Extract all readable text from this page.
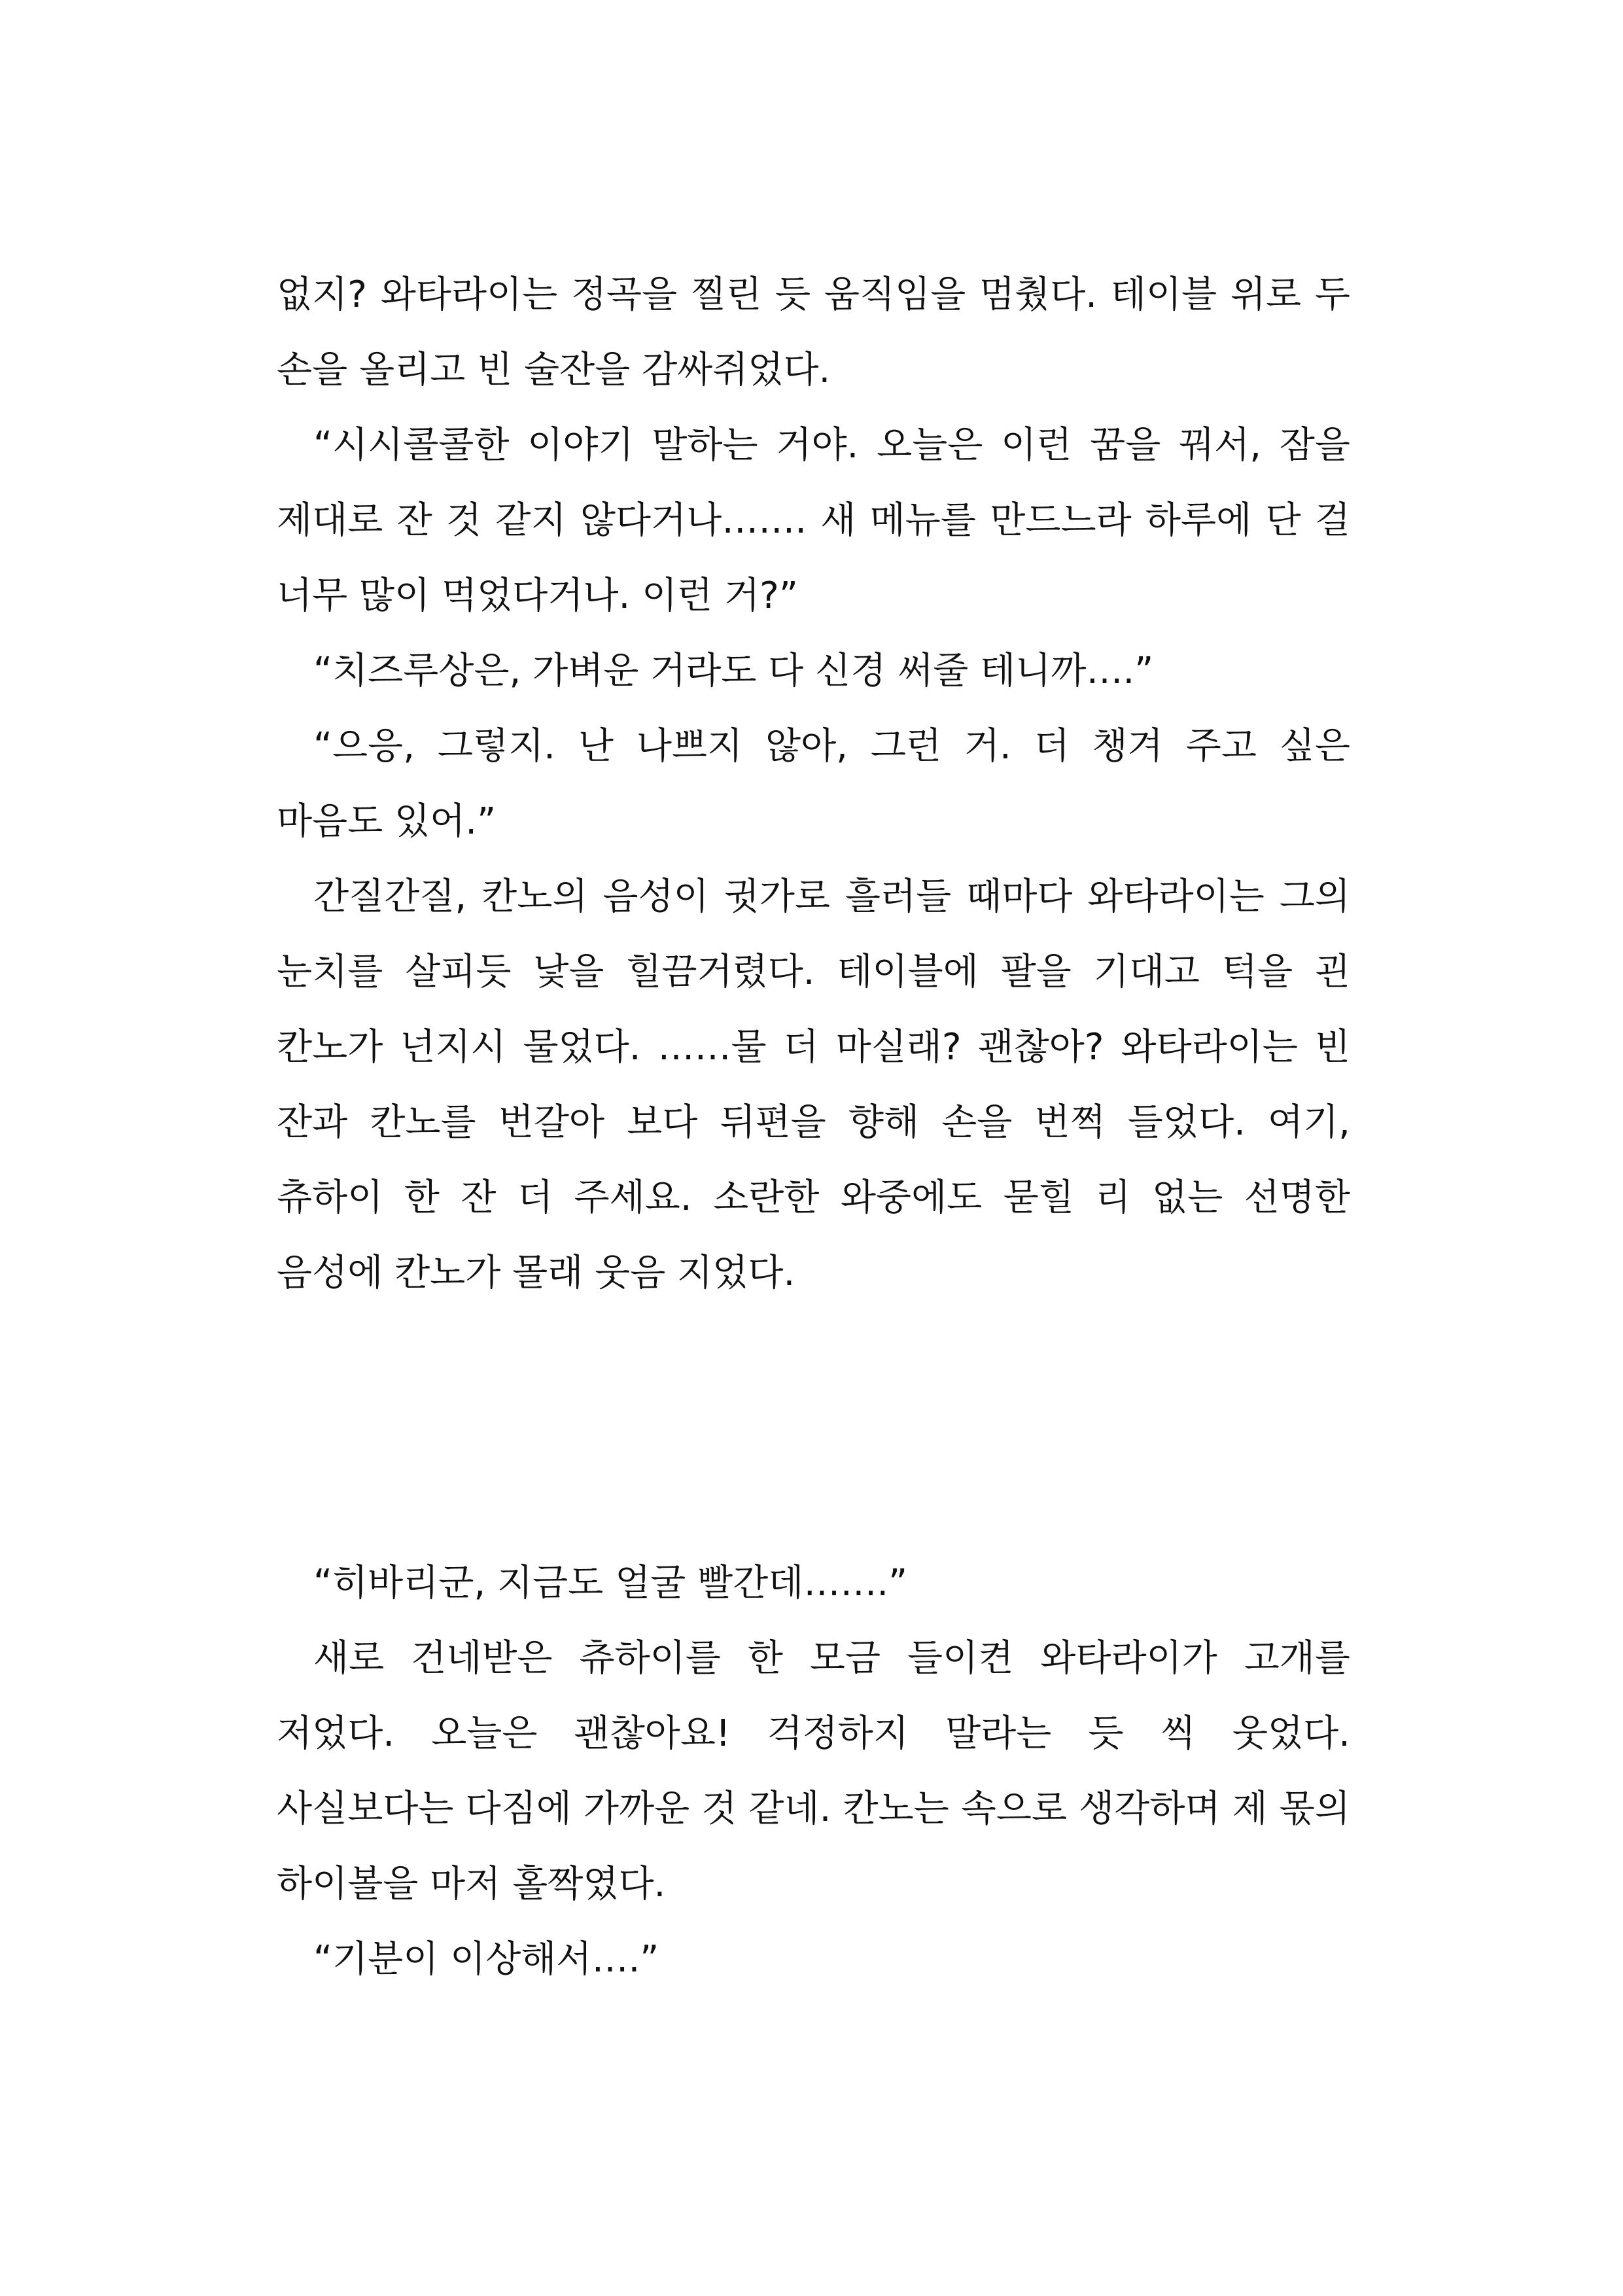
없지? 와타라이는 정곡을 찔린 듯 움직임을 멈췄다. 테이블 위로 두 손을 올리고 빈 술잔을 감싸쥐었다.

“시시콜콜한 이야기 말하는 거야. 오늘은 이런 꿈을 꿔서, 잠을 제대로 잔 것 같지 않다거나……. 새 메뉴를 만드느라 하루에 단 걸 너무 많이 먹었다거나. 이런 거?”

“치즈루상은, 가벼운 거라도 다 신경 써줄 테니까….”

“으응, 그렇지. 난 나쁘지 않아, 그런 거. 더 챙겨 주고 싶은 마음도 있어.”

간질간질, 칸노의 음성이 귓가로 흘러들 때마다 와타라이는 그의 눈치를 살피듯 낯을 힐끔거렸다. 테이블에 팔을 기대고 턱을 괸 칸노가 넌지시 물었다. ……물 더 마실래? 괜찮아? 와타라이는 빈 잔과 칸노를 번갈아 보다 뒤편을 향해 손을 번쩍 들었다. 여기, 츄하이 한 잔 더 주세요. 소란한 와중에도 묻힐 리 없는 선명한 음성에 칸노가 몰래 웃음 지었다.

“히바리군, 지금도 얼굴 빨간데…….”

새로 건네받은 츄하이를 한 모금 들이켠 와타라이가 고개를 저었다. 오늘은 괜찮아요! 걱정하지 말라는 듯 씩 웃었다. 사실보다는 다짐에 가까운 것 같네. 칸노는 속으로 생각하며 제 몫의 하이볼을 마저 홀짝였다.

“기분이 이상해서….”
